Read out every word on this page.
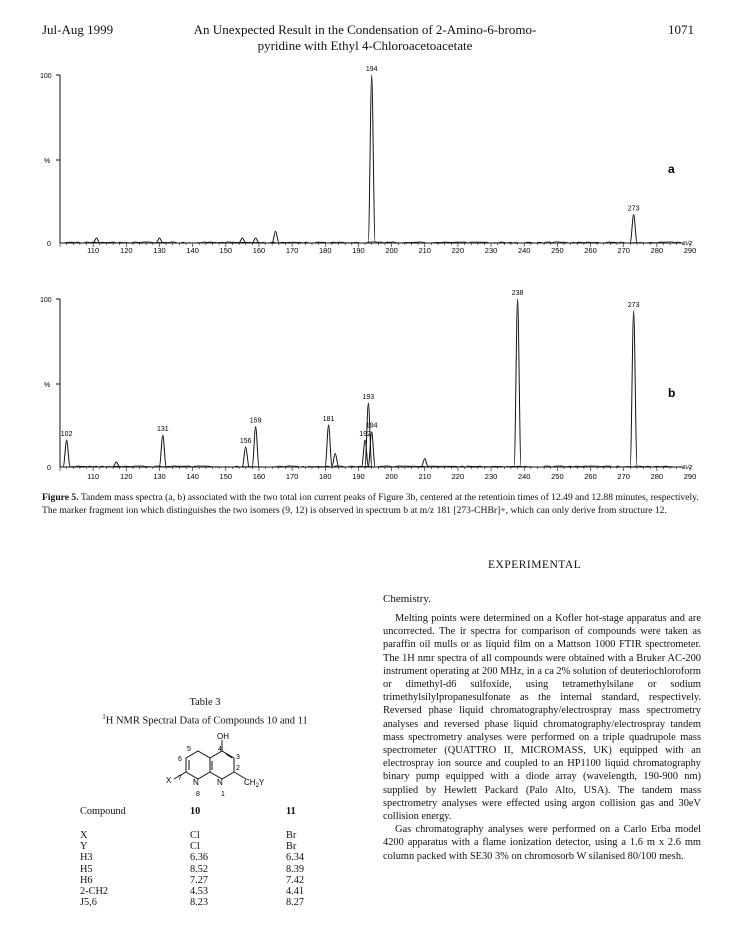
Jul-Aug 1999	An Unexpected Result in the Condensation of 2-Amino-6-bromo-
pyridine with Ethyl 4-Chloroacetoacetate
1071
100
%
0
110	120	130	140	150	160	170	180	190	200	210	220	230	240	250	260	270	280	290
m/z
194
273
a
100
%
0
110	120	130	140	150	160	170	180	190	200	210	220	230	240	250	260	270	280	290
m/z
102
131
156
159	181
192
193
194
238
273
b
Figure 5. Tandem mass spectra (a, b) associated with the two total ion current peaks of Figure 3b, centered at the retentioin times of 12.49 and 12.88 minutes, respectively. The marker fragment ion which distinguishes the two isomers (9, 12) is observed in spectrum b at m/z 181 [273-CHBr]+, which can only derive from structure 12.
Table 3
$^1$H NMR Spectral Data of Compounds 10 and 11
OH
X	N N	$CH_2Y$
5
6
7
8	1
2
3
4
Compound	10	11
X	Cl	Br
Y	Cl	Br
H3	6.36	6.34
H5	8.52	8.39
H6	7.27	7.42
2-CH2	4.53	4.41
J5,6	8.23	8.27
EXPERIMENTAL
Chemistry.

Melting points were determined on a Kofler hot-stage apparatus and are uncorrected. The ir spectra for comparison of compounds were taken as paraffin oil mulls or as liquid film on a Mattson 1000 FTIR spectrometer. The 1H nmr spectra of all compounds were obtained with a Bruker AC-200 instrument operating at 200 MHz, in a ca 2% solution of deuteriochloroform or dimethyl-d6 sulfoxide, using tetramethylsilane or sodium trimethylsilylpropanesulfonate as the internal standard, respectively. Reversed phase liquid chromatography/electrospray mass spectrometry analyses and reversed phase liquid chromatography/electrospray tandem mass spectrometry analyses were performed on a triple quadrupole mass spectrometer (QUATTRO II, MICROMASS, UK) equipped with an electrospray ion source and coupled to an HP1100 liquid chromatography binary pump equipped with a diode array (wavelength, 190-900 nm) supplied by Hewlett Packard (Palo Alto, USA). The tandem mass spectrometry analyses were effected using argon collision gas and 30eV collision energy.

Gas chromatography analyses were performed on a Carlo Erba model 4200 apparatus with a flame ionization detector, using a 1.6 m x 2.6 mm column packed with SE30 3% on chromosorb W silanised 80/100 mesh.
